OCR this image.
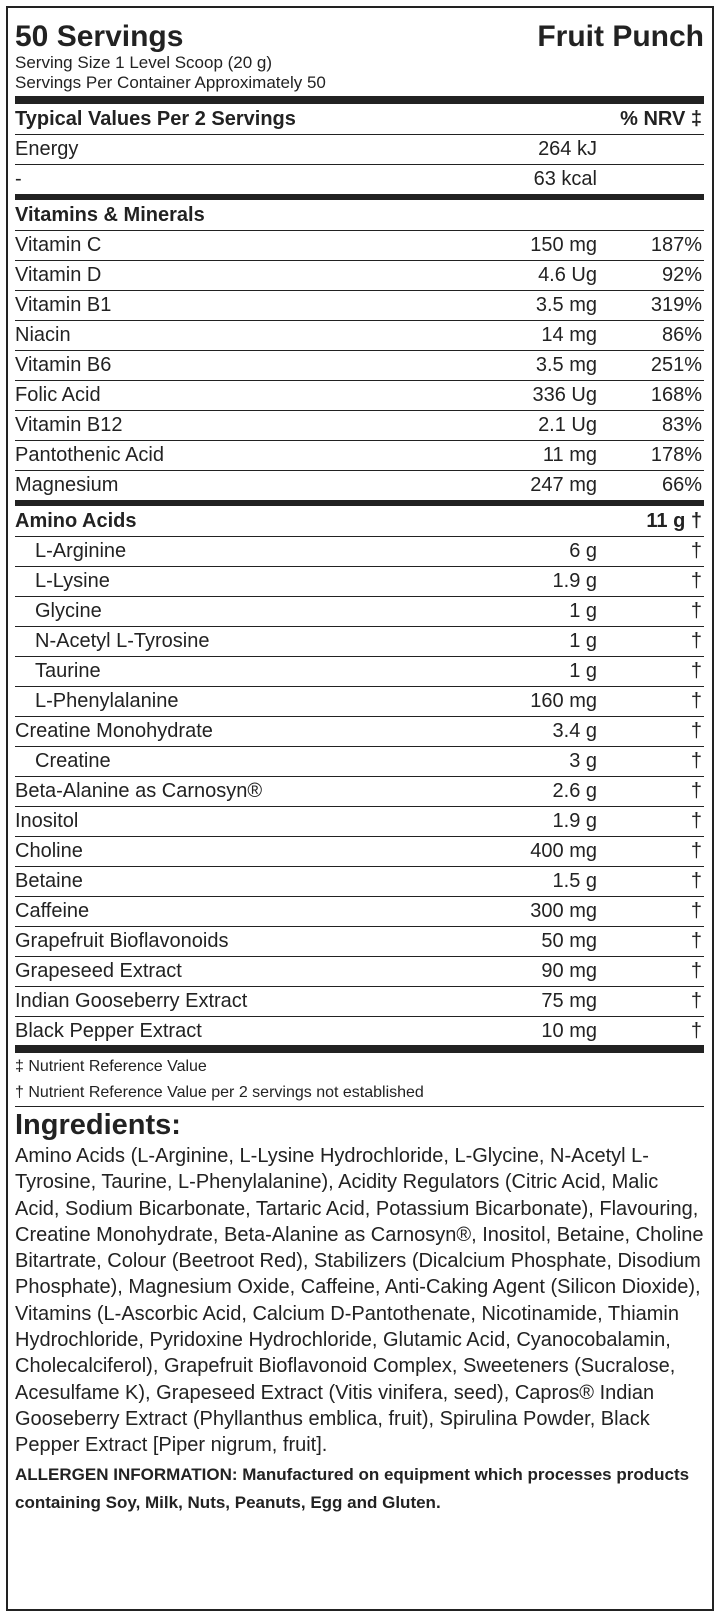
50 Servings	Fruit Punch
Serving Size 1 Level Scoop (20 g)
Servings Per Container Approximately 50
Typical Values Per 2 Servings	% NRV ‡
Energy	264 kJ
-	63 kcal
Vitamins & Minerals
Vitamin C	150 mg	187%
Vitamin D	4.6 Ug	92%
Vitamin B1	3.5 mg	319%
Niacin	14 mg	86%
Vitamin B6	3.5 mg	251%
Folic Acid	336 Ug	168%
Vitamin B12	2.1 Ug	83%
Pantothenic Acid	11 mg	178%
Magnesium	247 mg	66%
Amino Acids	11 g †
L-Arginine	6 g	†
L-Lysine	1.9 g	†
Glycine	1 g	†
N-Acetyl L-Tyrosine	1 g	†
Taurine	1 g	†
L-Phenylalanine	160 mg	†
Creatine Monohydrate	3.4 g	†
Creatine	3 g	†
Beta-Alanine as Carnosyn®	2.6 g	†
Inositol	1.9 g	†
Choline	400 mg	†
Betaine	1.5 g	†
Caffeine	300 mg	†
Grapefruit Bioflavonoids	50 mg	†
Grapeseed Extract	90 mg	†
Indian Gooseberry Extract	75 mg	†
Black Pepper Extract	10 mg	†
‡ Nutrient Reference Value
† Nutrient Reference Value per 2 servings not established
Ingredients:
Amino Acids (L-Arginine, L-Lysine Hydrochloride, L-Glycine, N-Acetyl L-Tyrosine, Taurine, L-Phenylalanine), Acidity Regulators (Citric Acid, Malic Acid, Sodium Bicarbonate, Tartaric Acid, Potassium Bicarbonate), Flavouring, Creatine Monohydrate, Beta-Alanine as Carnosyn®, Inositol, Betaine, Choline Bitartrate, Colour (Beetroot Red), Stabilizers (Dicalcium Phosphate, Disodium Phosphate), Magnesium Oxide, Caffeine, Anti-Caking Agent (Silicon Dioxide), Vitamins (L-Ascorbic Acid, Calcium D-Pantothenate, Nicotinamide, Thiamin Hydrochloride, Pyridoxine Hydrochloride, Glutamic Acid, Cyanocobalamin, Cholecalciferol), Grapefruit Bioflavonoid Complex, Sweeteners (Sucralose, Acesulfame K), Grapeseed Extract (Vitis vinifera, seed), Capros® Indian Gooseberry Extract (Phyllanthus emblica, fruit), Spirulina Powder, Black Pepper Extract [Piper nigrum, fruit].
ALLERGEN INFORMATION: Manufactured on equipment which processes products containing Soy, Milk, Nuts, Peanuts, Egg and Gluten.
